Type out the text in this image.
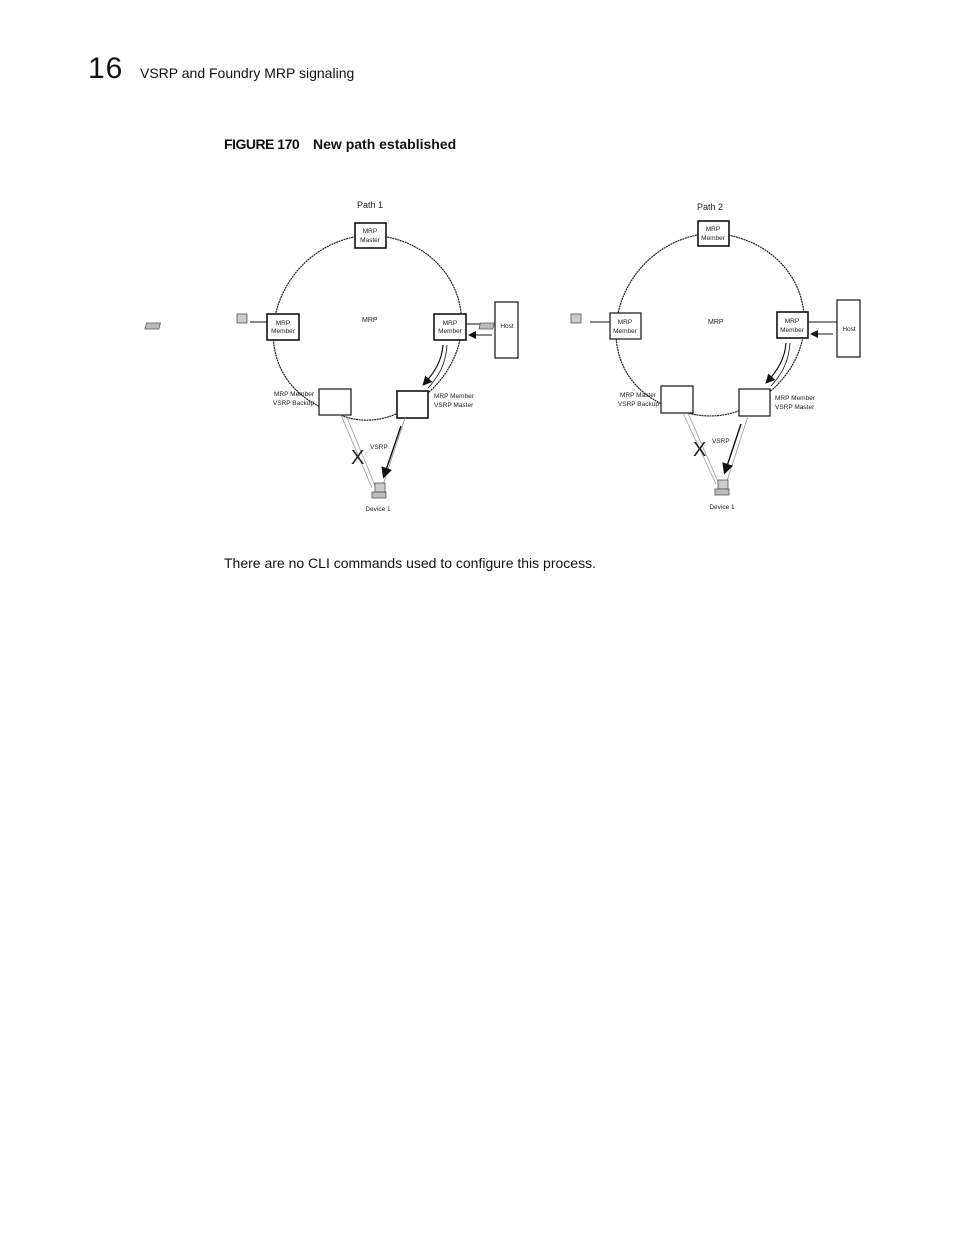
16 VSRP and Foundry MRP signaling
FIGURE 170 New path established
Path 1
MRP
MRP
Master
MRP
Member
MRP
Member
Host
MRP Member
VSRP Backup
MRP Member
VSRP Master
VSRP
X
Device 1
Path 2
MRP
MRP
Member
MRP
Member
MRP
Member	Host
MRP Master
VSRP Backup
MRP Member
VSRP Master
VSRP
X
Device 1
There are no CLI commands used to configure this process.
